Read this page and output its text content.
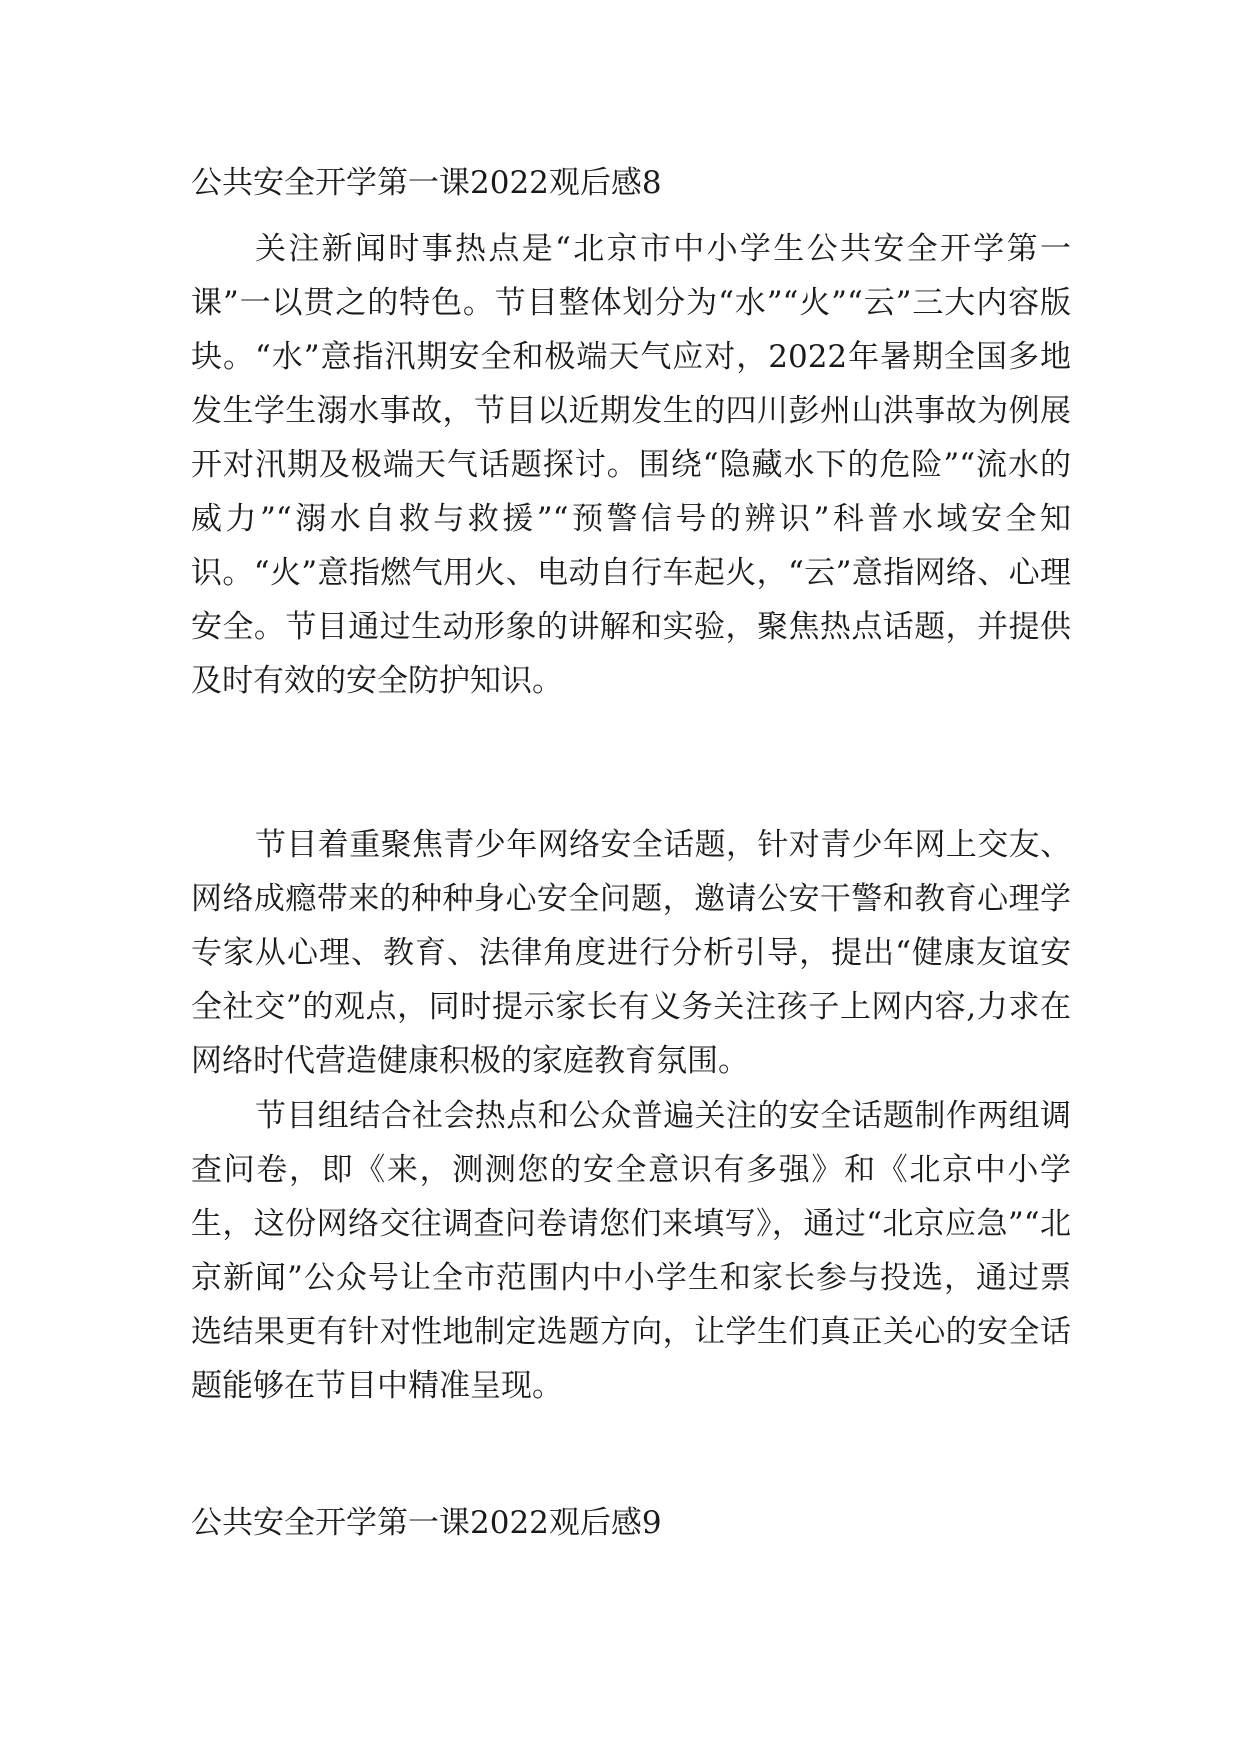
公共安全开学第一课2022观后感8

关注新闻时事热点是“北京市中小学生公共安全开学第一课”一以贯之的特色。节目整体划分为“水”“火”“云”三大内容版块。“水”意指汛期安全和极端天气应对，2022年暑期全国多地发生学生溺水事故，节目以近期发生的四川彭州山洪事故为例展开对汛期及极端天气话题探讨。围绕“隐藏水下的危险”“流水的威力”“溺水自救与救援”“预警信号的辨识”科普水域安全知识。“火”意指燃气用火、电动自行车起火，“云”意指网络、心理安全。节目通过生动形象的讲解和实验，聚焦热点话题，并提供及时有效的安全防护知识。

节目着重聚焦青少年网络安全话题，针对青少年网上交友、网络成瘾带来的种种身心安全问题，邀请公安干警和教育心理学专家从心理、教育、法律角度进行分析引导，提出“健康友谊安全社交”的观点，同时提示家长有义务关注孩子上网内容,力求在网络时代营造健康积极的家庭教育氛围。

节目组结合社会热点和公众普遍关注的安全话题制作两组调查问卷，即《来，测测您的安全意识有多强》和《北京中小学生，这份网络交往调查问卷请您们来填写》，通过“北京应急”“北京新闻”公众号让全市范围内中小学生和家长参与投选，通过票选结果更有针对性地制定选题方向，让学生们真正关心的安全话题能够在节目中精准呈现。

公共安全开学第一课2022观后感9
